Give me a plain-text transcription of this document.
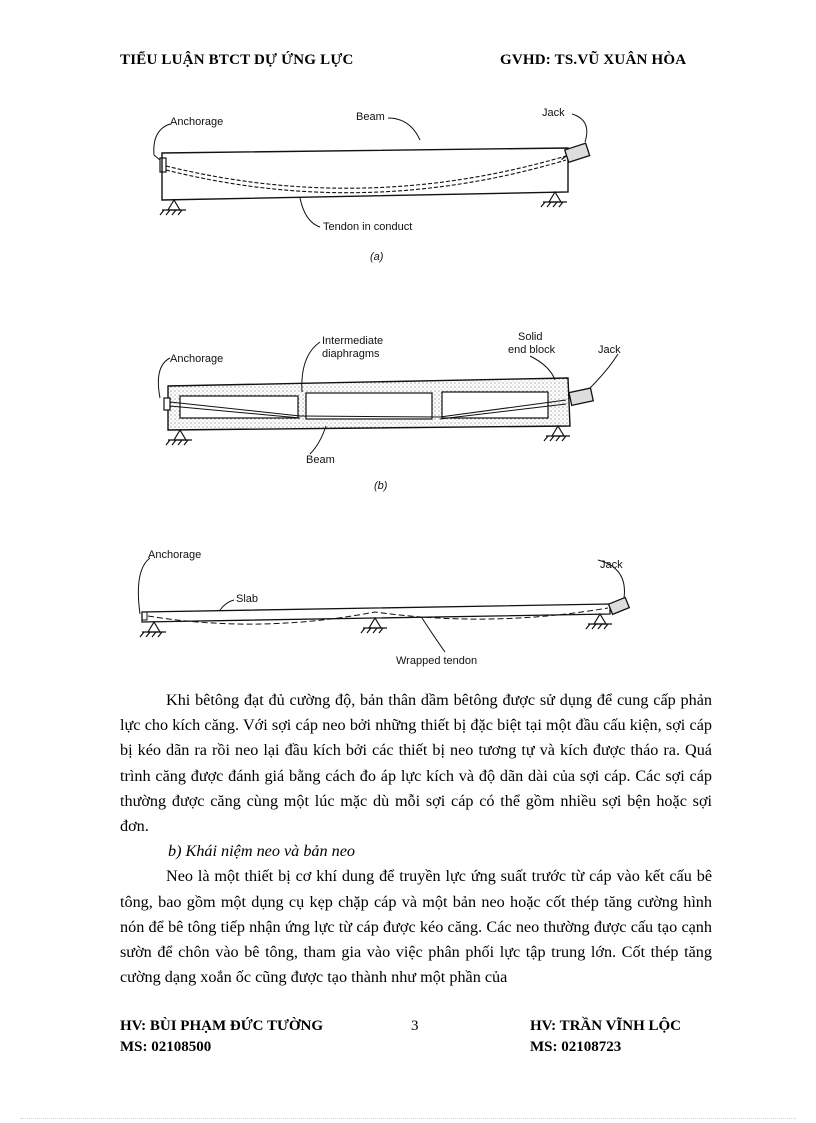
TIỂU LUẬN BTCT DỰ ỨNG LỰC	GVHD: TS.VŨ XUÂN HÒA
Anchorage	Beam	Jack
Tendon in conduct
(a)
Anchorage
Intermediate
diaphragms
Solid
end block	Jack
Beam
(b)
Anchorage
Jack
Slab
Wrapped tendon

Khi bêtông đạt đủ cường độ, bản thân dầm bêtông được sử dụng để cung cấp phản lực cho kích căng. Với sợi cáp neo bởi những thiết bị đặc biệt tại một đầu cấu kiện, sợi cáp bị kéo dãn ra rồi neo lại đầu kích bởi các thiết bị neo tương tự và kích được tháo ra. Quá trình căng được đánh giá bằng cách đo áp lực kích và độ dãn dài của sợi cáp. Các sợi cáp thường được căng cùng một lúc mặc dù mỗi sợi cáp có thể gồm nhiều sợi bện hoặc sợi đơn.

b) Khái niệm neo và bản neo

Neo là một thiết bị cơ khí dung để truyền lực ứng suất trước từ cáp vào kết cấu bê tông, bao gồm một dụng cụ kẹp chặp cáp và một bản neo hoặc cốt thép tăng cường hình nón để bê tông tiếp nhận ứng lực từ cáp được kéo căng. Các neo thường được cấu tạo cạnh sườn để chôn vào bê tông, tham gia vào việc phân phối lực tập trung lớn. Cốt thép tăng cường dạng xoắn ốc cũng được tạo thành như một phần của

HV: BÙI PHẠM ĐỨC TƯỜNG
MS: 02108500
3	HV: TRẦN VĨNH LỘC
MS: 02108723
